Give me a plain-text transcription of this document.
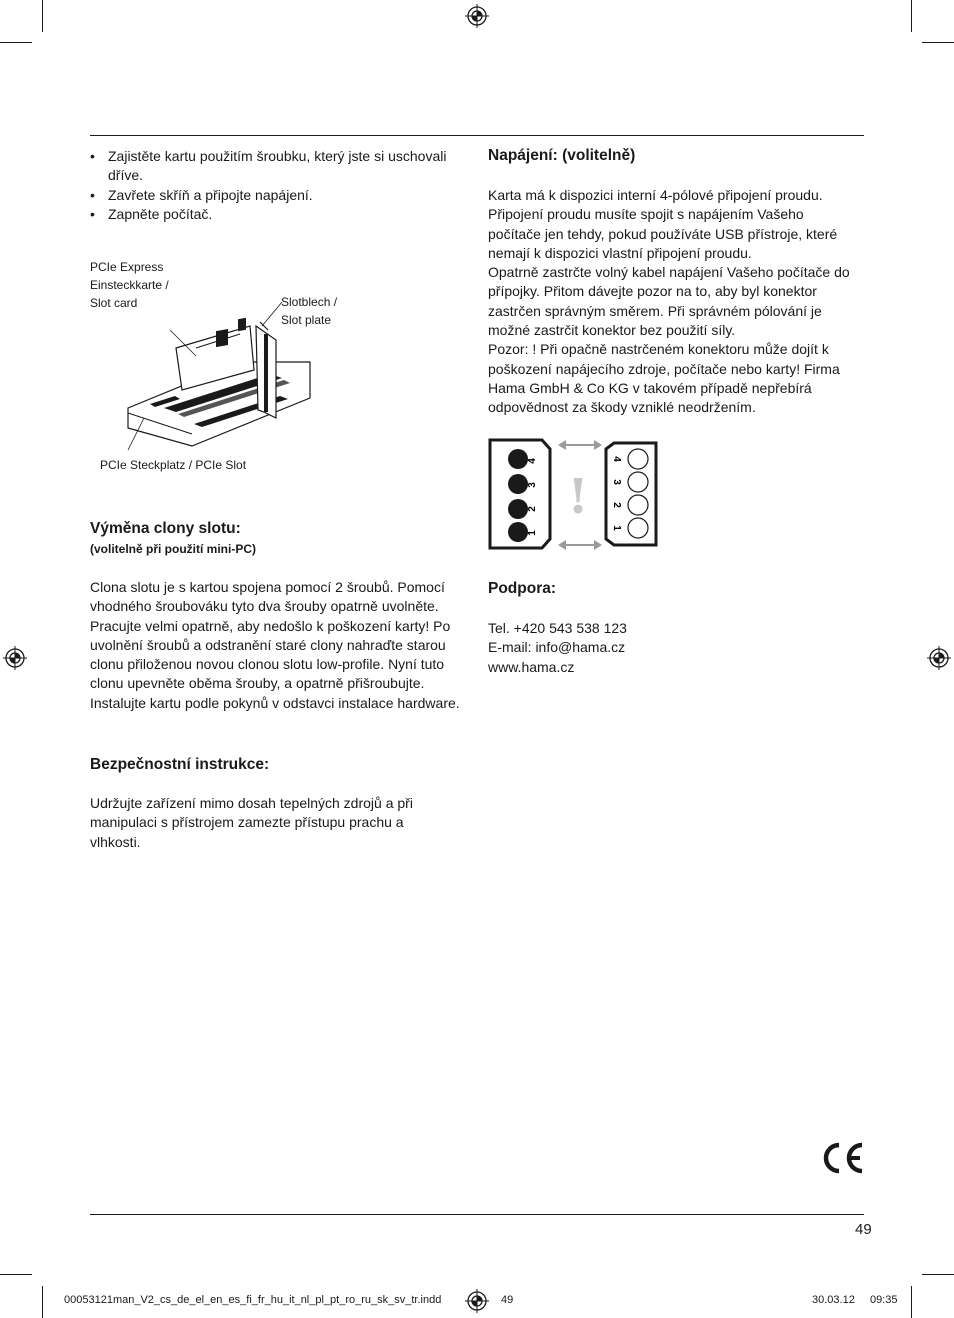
• Zajistěte kartu použitím šroubku, který jste si uschovali dříve.
• Zavřete skříň a připojte napájení.
• Zapněte počítač.
PCIe Express
Einsteckkarte /
Slot card	Slotblech /
Slot plate
PCIe Steckplatz / PCIe Slot
Výměna clony slotu:

(volitelně při použití mini-PC)

Clona slotu je s kartou spojena pomocí 2 šroubů. Pomocí vhodného šroubováku tyto dva šrouby opatrně uvolněte. Pracujte velmi opatrně, aby nedošlo k poškození karty! Po uvolnění šroubů a odstranění staré clony nahraďte starou clonu přiloženou novou clonou slotu low-profile. Nyní tuto clonu upevněte oběma šrouby, a opatrně přišroubujte. Instalujte kartu podle pokynů v odstavci instalace hardware.

Bezpečnostní instrukce:

Udržujte zařízení mimo dosah tepelných zdrojů a při manipulaci s přístrojem zamezte přístupu prachu a vlhkosti.

Napájení: (volitelně)

Karta má k dispozici interní 4-pólové připojení proudu. Připojení proudu musíte spojit s napájením Vašeho počítače jen tehdy, pokud používáte USB přístroje, které nemají k dispozici vlastní připojení proudu.

Opatrně zastrčte volný kabel napájení Vašeho počítače do přípojky. Přitom dávejte pozor na to, aby byl konektor zastrčen správným směrem. Při správném pólování je možné zastrčit konektor bez použití síly.

Pozor: ! Při opačně nastrčeném konektoru může dojít k poškození napájecího zdroje, počítače nebo karty! Firma Hama GmbH & Co KG v takovém případě nepřebírá odpovědnost za škody vzniklé neodržením.

4
3
2
1
!
4
3
2
1
Podpora:

Tel. +420 543 538 123

E-mail: info@hama.cz

www.hama.cz

49
00053121man_V2_cs_de_el_en_es_fi_fr_hu_it_nl_pl_pt_ro_ru_sk_sv_tr.indd	49	30.03.12 09:35
